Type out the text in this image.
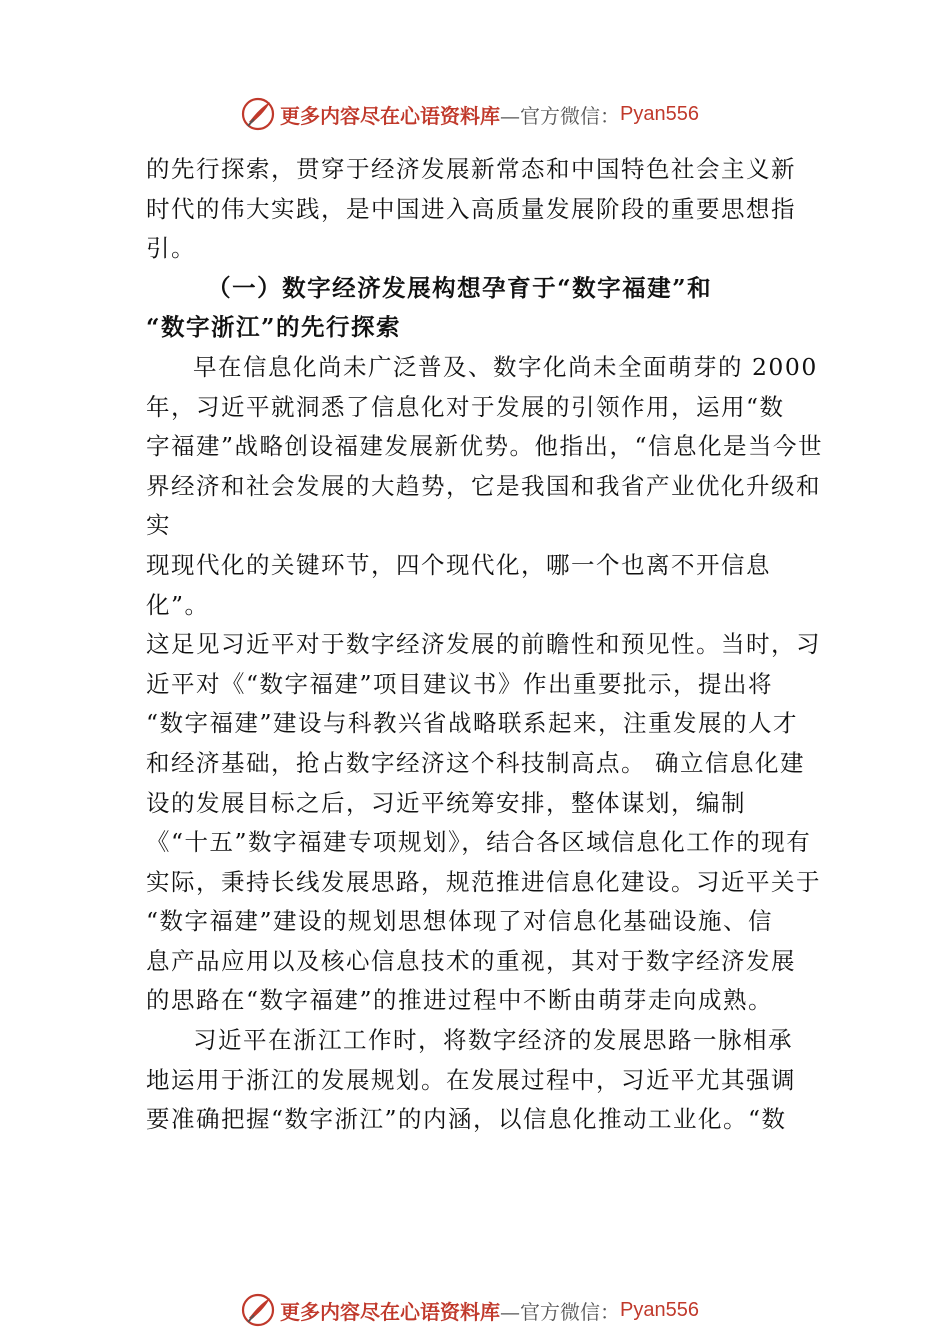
更多内容尽在心语资料库 —官方微信： Pyan556

的先行探索，贯穿于经济发展新常态和中国特色社会主义新
时代的伟大实践，是中国进入高质量发展阶段的重要思想指
引。

（一）数字经济发展构想孕育于“数字福建”和
“数字浙江”的先行探索

早在信息化尚未广泛普及、数字化尚未全面萌芽的 2000
年，习近平就洞悉了信息化对于发展的引领作用，运用“数
字福建”战略创设福建发展新优势。他指出，“信息化是当今世
界经济和社会发展的大趋势，它是我国和我省产业优化升级和实
现现代化的关键环节，四个现代化，哪一个也离不开信息化”。
这足见习近平对于数字经济发展的前瞻性和预见性。当时，习
近平对《“数字福建”项目建议书》作出重要批示，提出将
“数字福建”建设与科教兴省战略联系起来，注重发展的人才
和经济基础，抢占数字经济这个科技制高点。 确立信息化建
设的发展目标之后，习近平统筹安排，整体谋划，编制
《“十五”数字福建专项规划》，结合各区域信息化工作的现有
实际，秉持长线发展思路，规范推进信息化建设。习近平关于
“数字福建”建设的规划思想体现了对信息化基础设施、信
息产品应用以及核心信息技术的重视，其对于数字经济发展
的思路在“数字福建”的推进过程中不断由萌芽走向成熟。

习近平在浙江工作时，将数字经济的发展思路一脉相承
地运用于浙江的发展规划。在发展过程中，习近平尤其强调
要准确把握“数字浙江”的内涵，以信息化推动工业化。“数

更多内容尽在心语资料库 —官方微信： Pyan556
